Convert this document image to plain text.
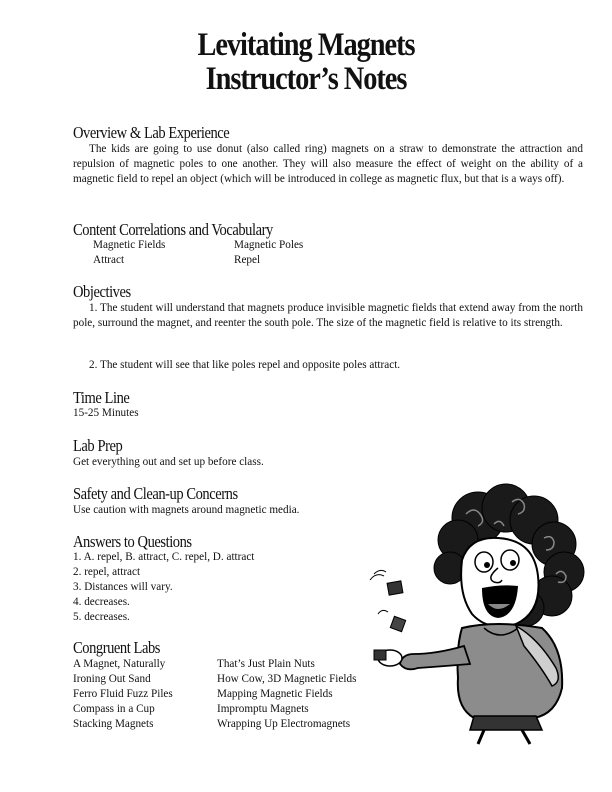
Levitating Magnets
Instructor’s Notes
Overview & Lab Experience
The kids are going to use donut (also called ring) magnets on a straw to demonstrate the attraction and repulsion of magnetic poles to one another. They will also measure the effect of weight on the ability of a magnetic field to repel an object (which will be introduced in college as magnetic flux, but that is a ways off).
Content Correlations and Vocabulary
Magnetic Fields
Attract
Magnetic Poles
Repel
Objectives
1. The student will understand that magnets produce invisible magnetic fields that extend away from the north pole, surround the magnet, and reenter the south pole. The size of the magnetic field is relative to its strength.
2. The student will see that like poles repel and opposite poles attract.
Time Line
15-25 Minutes
Lab Prep
Get everything out and set up before class.
Safety and Clean-up Concerns
Use caution with magnets around magnetic media.
Answers to Questions
1. A. repel, B. attract, C. repel, D. attract
2. repel, attract
3. Distances will vary.
4. decreases.
5. decreases.
Congruent Labs
A Magnet, Naturally
Ironing Out Sand
Ferro Fluid Fuzz Piles
Compass in a Cup
Stacking Magnets
That’s Just Plain Nuts
How Cow, 3D Magnetic Fields
Mapping Magnetic Fields
Impromptu Magnets
Wrapping Up Electromagnets
